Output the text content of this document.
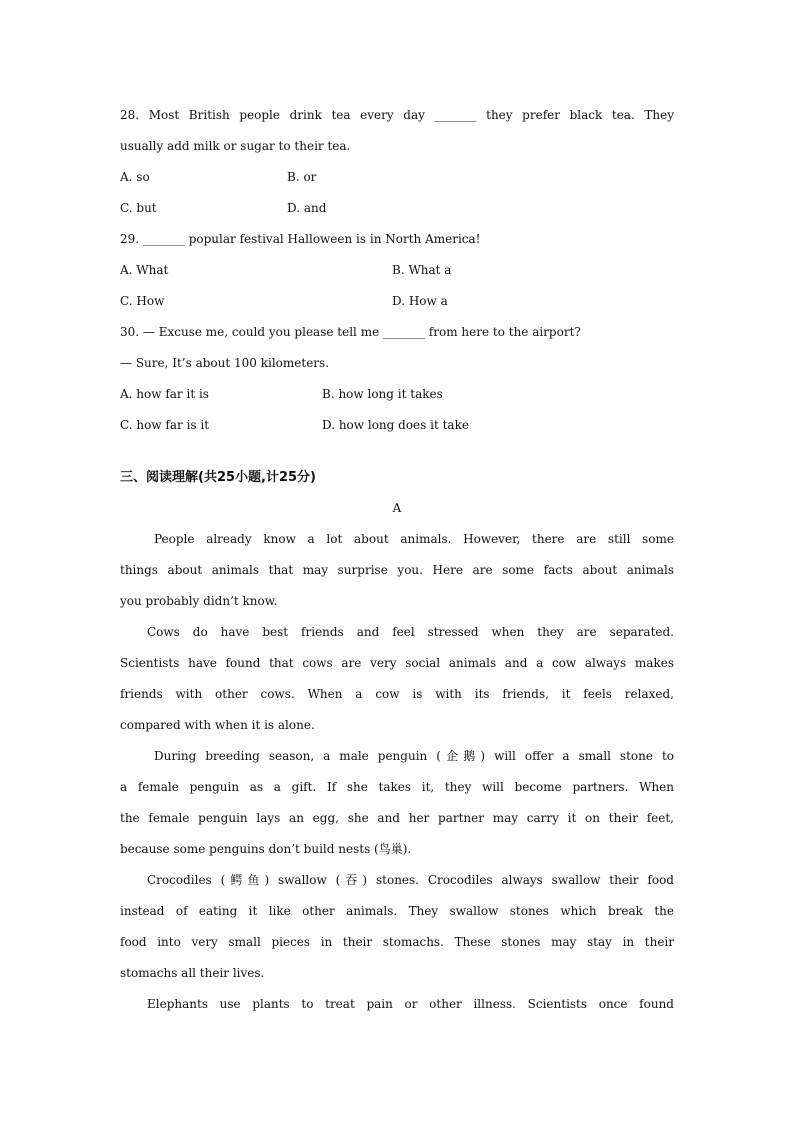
28. Most British people drink tea every day _______ they prefer black tea. They
usually add milk or sugar to their tea.
A. so	B. or
C. but	D. and
29. _______ popular festival Halloween is in North America!
A. What	B. What a
C. How	D. How a
30. — Excuse me, could you please tell me _______ from here to the airport?
— Sure, It’s about 100 kilometers.
A. how far it is	B. how long it takes
C. how far is it	D. how long does it take
三、阅读理解(共25小题,计25分)
A
People already know a lot about animals. However, there are still some
things about animals that may surprise you. Here are some facts about animals
you probably didn’t know.
Cows do have best friends and feel stressed when they are separated.
Scientists have found that cows are very social animals and a cow always makes
friends with other cows. When a cow is with its friends, it feels relaxed,
compared with when it is alone.
During breeding season, a male penguin (企鹅) will offer a small stone to
a female penguin as a gift. If she takes it, they will become partners. When
the female penguin lays an egg, she and her partner may carry it on their feet,
because some penguins don’t build nests (鸟巢).
Crocodiles (鳄鱼) swallow (吞) stones. Crocodiles always swallow their food
instead of eating it like other animals. They swallow stones which break the
food into very small pieces in their stomachs. These stones may stay in their
stomachs all their lives.
Elephants use plants to treat pain or other illness. Scientists once found
